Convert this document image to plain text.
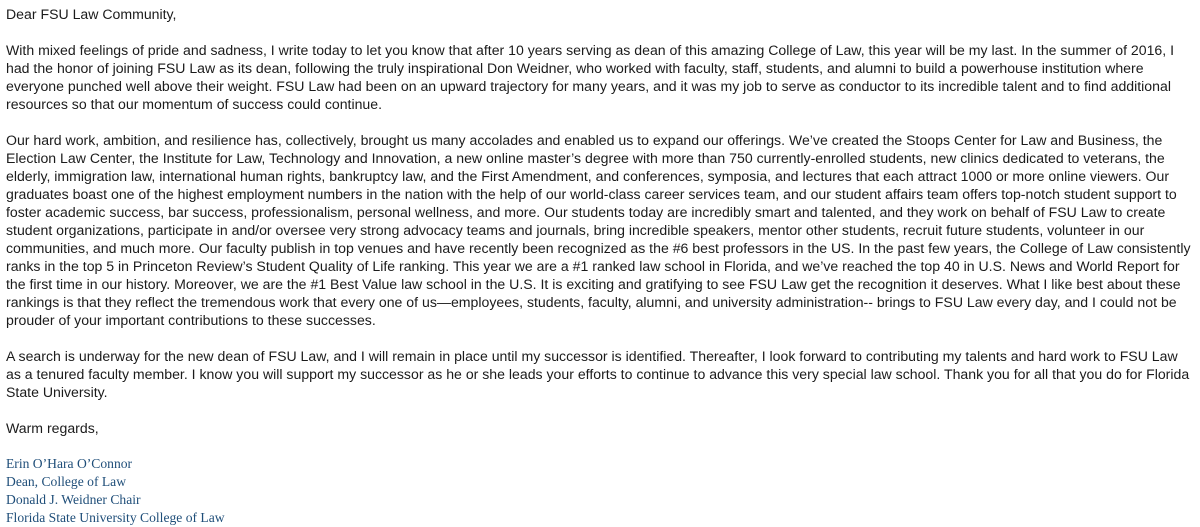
Dear FSU Law Community,

With mixed feelings of pride and sadness, I write today to let you know that after 10 years serving as dean of this amazing College of Law, this year will be my last. In the summer of 2016, I had the honor of joining FSU Law as its dean, following the truly inspirational Don Weidner, who worked with faculty, staff, students, and alumni to build a powerhouse institution where everyone punched well above their weight. FSU Law had been on an upward trajectory for many years, and it was my job to serve as conductor to its incredible talent and to find additional resources so that our momentum of success could continue.

Our hard work, ambition, and resilience has, collectively, brought us many accolades and enabled us to expand our offerings. We’ve created the Stoops Center for Law and Business, the Election Law Center, the Institute for Law, Technology and Innovation, a new online master’s degree with more than 750 currently-enrolled students, new clinics dedicated to veterans, the elderly, immigration law, international human rights, bankruptcy law, and the First Amendment, and conferences, symposia, and lectures that each attract 1000 or more online viewers. Our graduates boast one of the highest employment numbers in the nation with the help of our world-class career services team, and our student affairs team offers top-notch student support to foster academic success, bar success, professionalism, personal wellness, and more. Our students today are incredibly smart and talented, and they work on behalf of FSU Law to create student organizations, participate in and/or oversee very strong advocacy teams and journals, bring incredible speakers, mentor other students, recruit future students, volunteer in our communities, and much more. Our faculty publish in top venues and have recently been recognized as the #6 best professors in the US. In the past few years, the College of Law consistently ranks in the top 5 in Princeton Review’s Student Quality of Life ranking. This year we are a #1 ranked law school in Florida, and we’ve reached the top 40 in U.S. News and World Report for the first time in our history. Moreover, we are the #1 Best Value law school in the U.S. It is exciting and gratifying to see FSU Law get the recognition it deserves. What I like best about these rankings is that they reflect the tremendous work that every one of us—employees, students, faculty, alumni, and university administration-- brings to FSU Law every day, and I could not be prouder of your important contributions to these successes.

A search is underway for the new dean of FSU Law, and I will remain in place until my successor is identified. Thereafter, I look forward to contributing my talents and hard work to FSU Law as a tenured faculty member. I know you will support my successor as he or she leads your efforts to continue to advance this very special law school. Thank you for all that you do for Florida State University.

Warm regards,

Erin O’Hara O’Connor
Dean, College of Law
Donald J. Weidner Chair
Florida State University College of Law
